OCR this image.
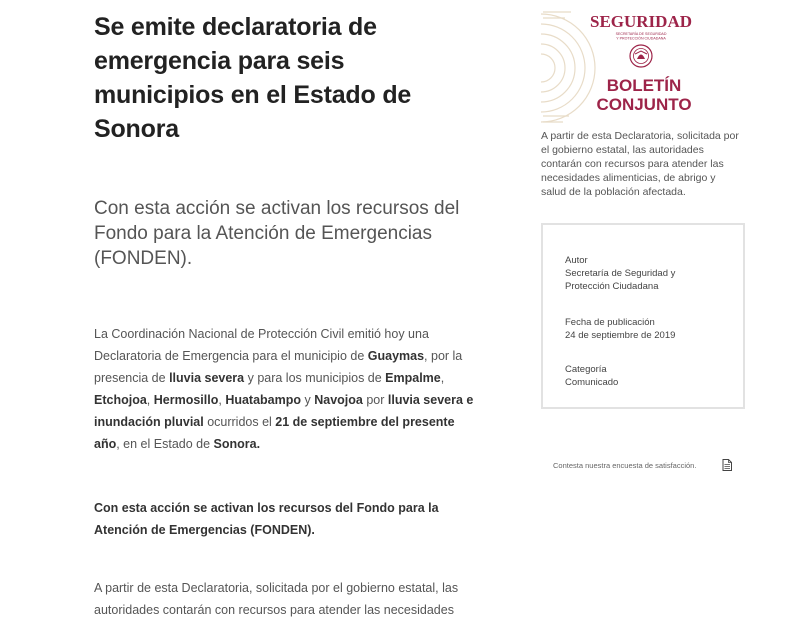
Se emite declaratoria de emergencia para seis municipios en el Estado de Sonora
Con esta acción se activan los recursos del Fondo para la Atención de Emergencias (FONDEN).

La Coordinación Nacional de Protección Civil emitió hoy una Declaratoria de Emergencia para el municipio de Guaymas, por la presencia de lluvia severa y para los municipios de Empalme, Etchojoa, Hermosillo, Huatabampo y Navojoa por lluvia severa e inundación pluvial ocurridos el 21 de septiembre del presente año, en el Estado de Sonora.

Con esta acción se activan los recursos del Fondo para la Atención de Emergencias (FONDEN).

A partir de esta Declaratoria, solicitada por el gobierno estatal, las autoridades contarán con recursos para atender las necesidades

SEGURIDAD
SECRETARÍA DE SEGURIDAD
Y PROTECCIÓN CIUDADANA
BOLETÍN
CONJUNTO
A partir de esta Declaratoria, solicitada por el gobierno estatal, las autoridades contarán con recursos para atender las necesidades alimenticias, de abrigo y salud de la población afectada.
Autor
Secretaría de Seguridad y Protección Ciudadana
Fecha de publicación
24 de septiembre de 2019
Categoría
Comunicado
Contesta nuestra encuesta de satisfacción.
